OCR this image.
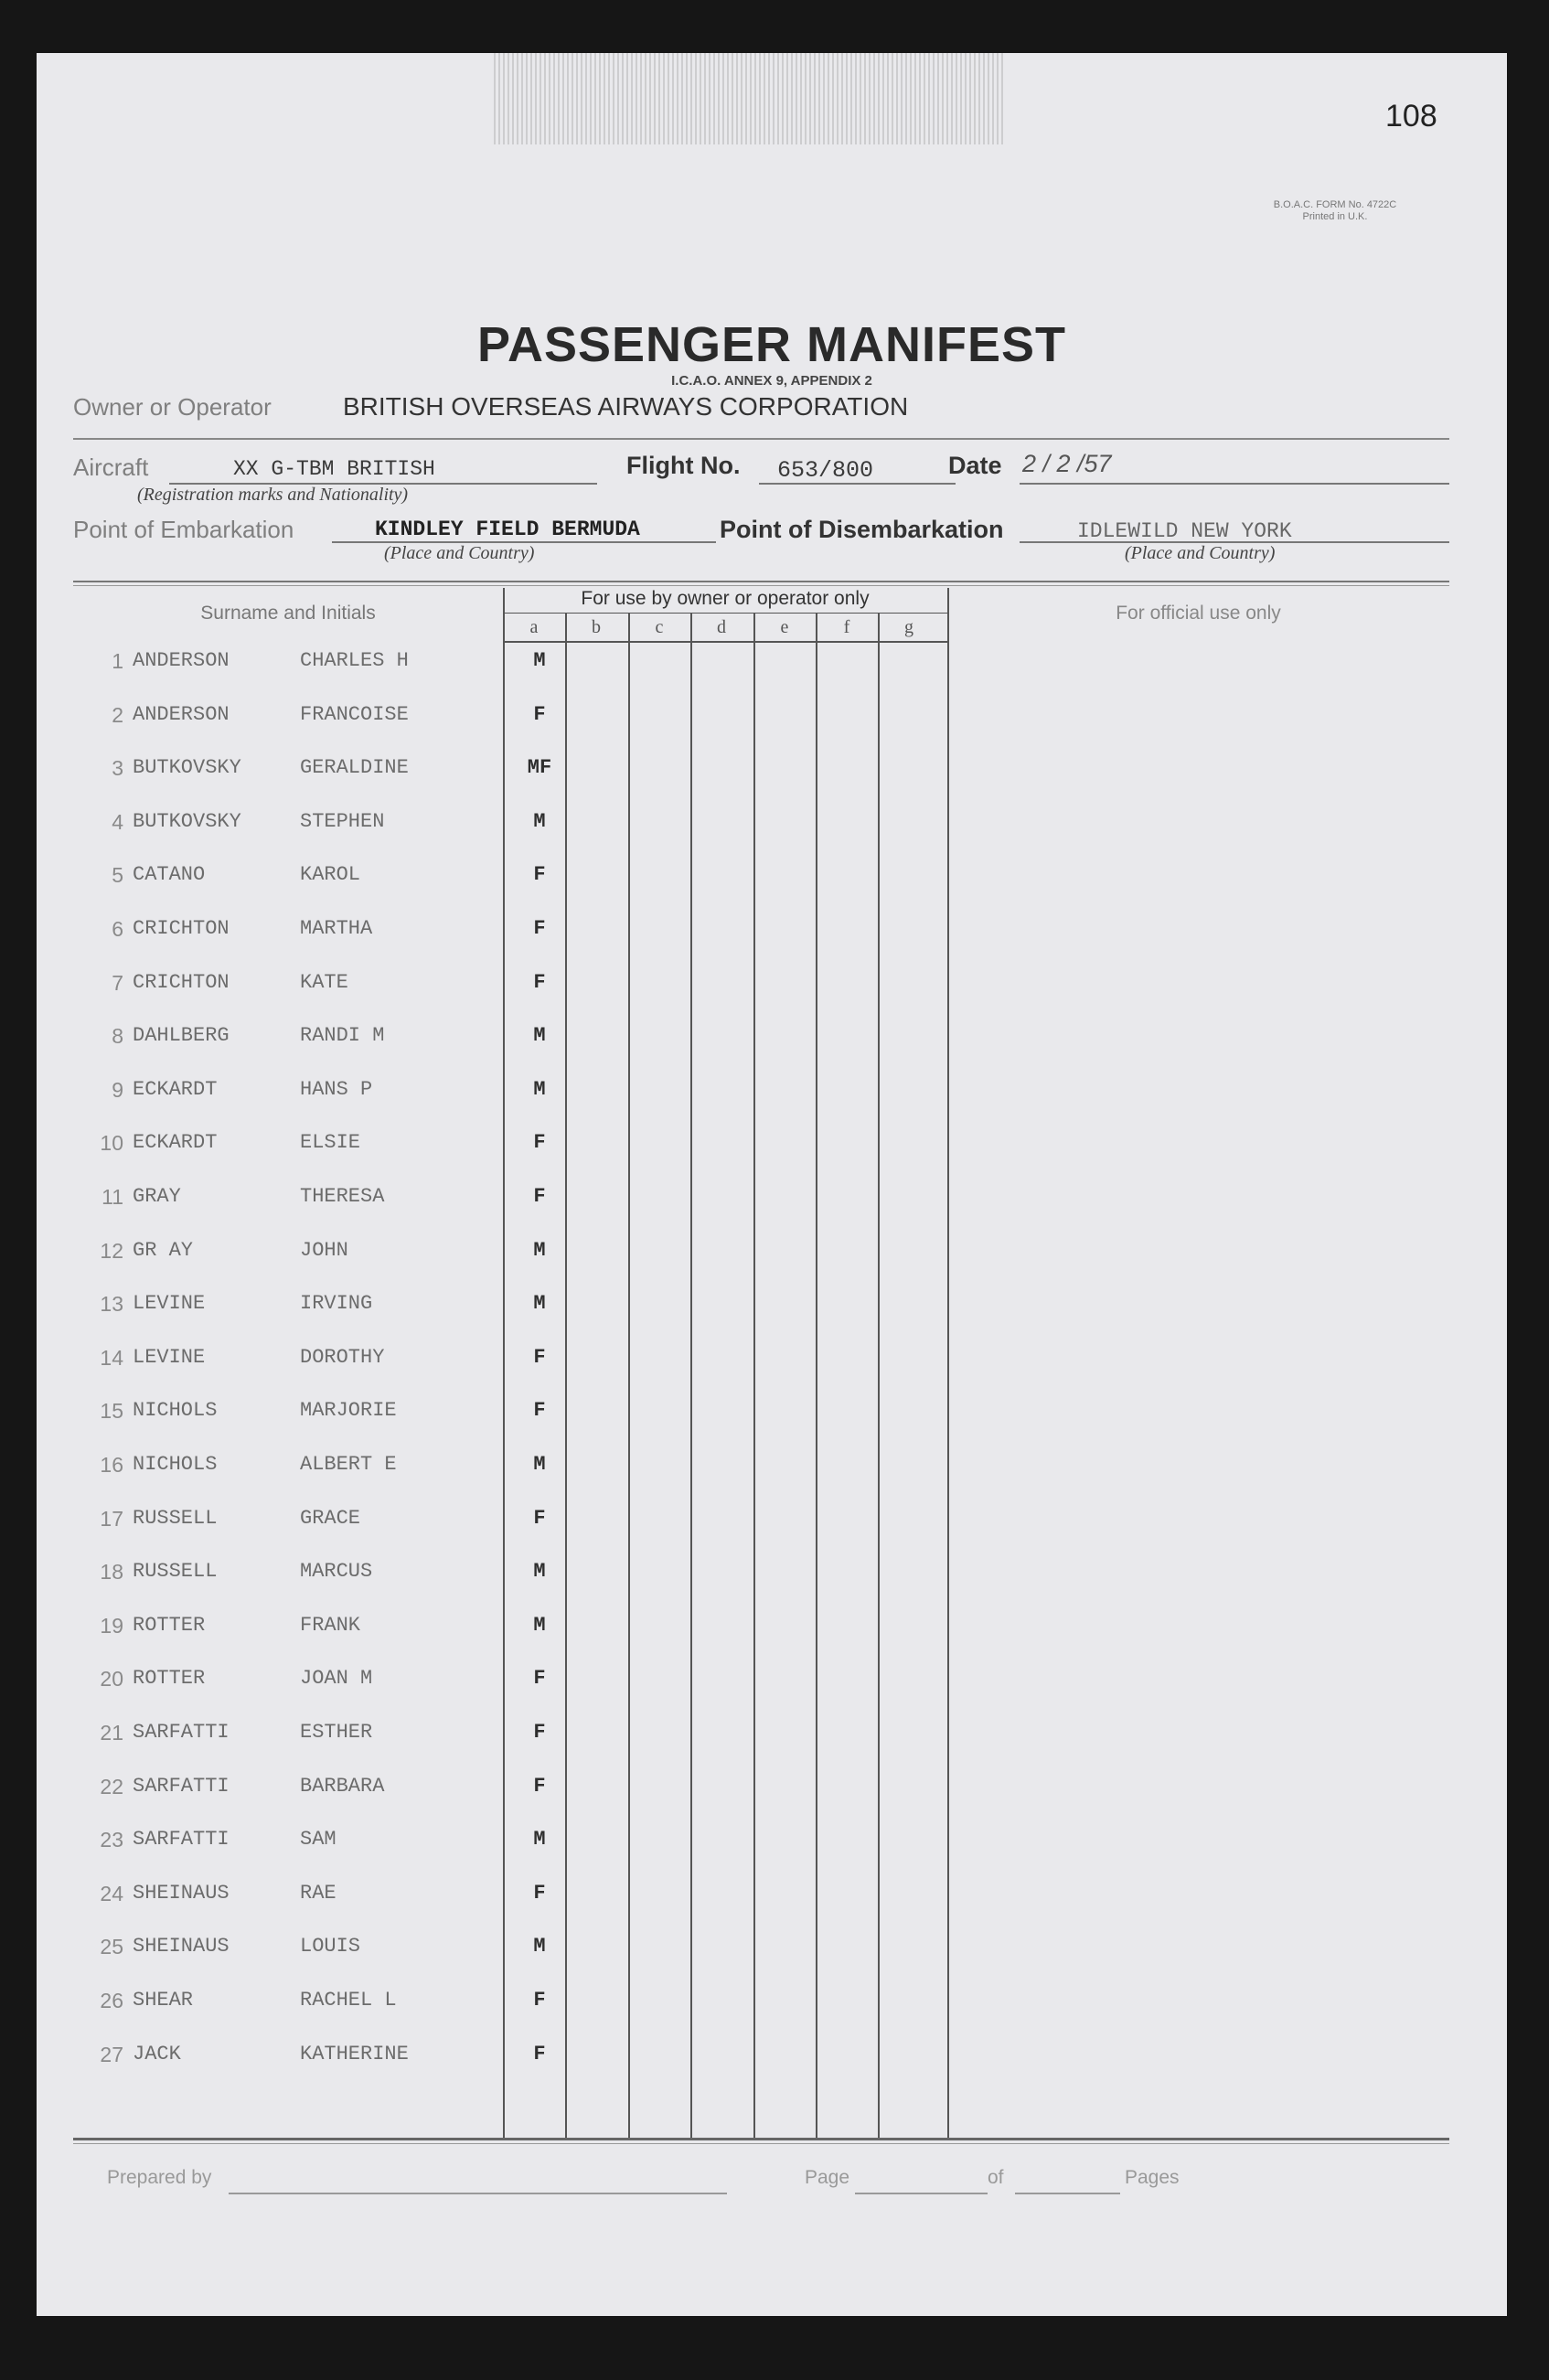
108
B.O.A.C. FORM No. 4722C
Printed in U.K.
PASSENGER MANIFEST
I.C.A.O. ANNEX 9, APPENDIX 2
Owner or Operator	BRITISH OVERSEAS AIRWAYS CORPORATION
Aircraft	XX G-TBM BRITISH
(Registration marks and Nationality)
Flight No. 653/800	Date 2 / 2 /57
Point of Embarkation	KINDLEY FIELD BERMUDA
(Place and Country)
Point of Disembarkation	IDLEWILD NEW YORK
(Place and Country)
Surname and Initials
For use by owner or operator only
For official use only
a	b	c	d	e	f	g
1 ANDERSON	CHARLES H	M
2 ANDERSON	FRANCOISE	F
3 BUTKOVSKY	GERALDINE	MF
4 BUTKOVSKY	STEPHEN	M
5 CATANO	KAROL	F
6 CRICHTON	MARTHA	F
7 CRICHTON	KATE	F
8 DAHLBERG	RANDI M	M
9 ECKARDT	HANS P	M
10 ECKARDT	ELSIE	F
11 GRAY	THERESA	F
12 GR AY	JOHN	M
13 LEVINE	IRVING	M
14 LEVINE	DOROTHY	F
15 NICHOLS	MARJORIE	F
16 NICHOLS	ALBERT E	M
17 RUSSELL	GRACE	F
18 RUSSELL	MARCUS	M
19 ROTTER	FRANK	M
20 ROTTER	JOAN M	F
21 SARFATTI	ESTHER	F
22 SARFATTI	BARBARA	F
23 SARFATTI	SAM	M
24 SHEINAUS	RAE	F
25 SHEINAUS	LOUIS	M
26 SHEAR	RACHEL L	F
27 JACK	KATHERINE	F
Prepared by	Page	of	Pages
